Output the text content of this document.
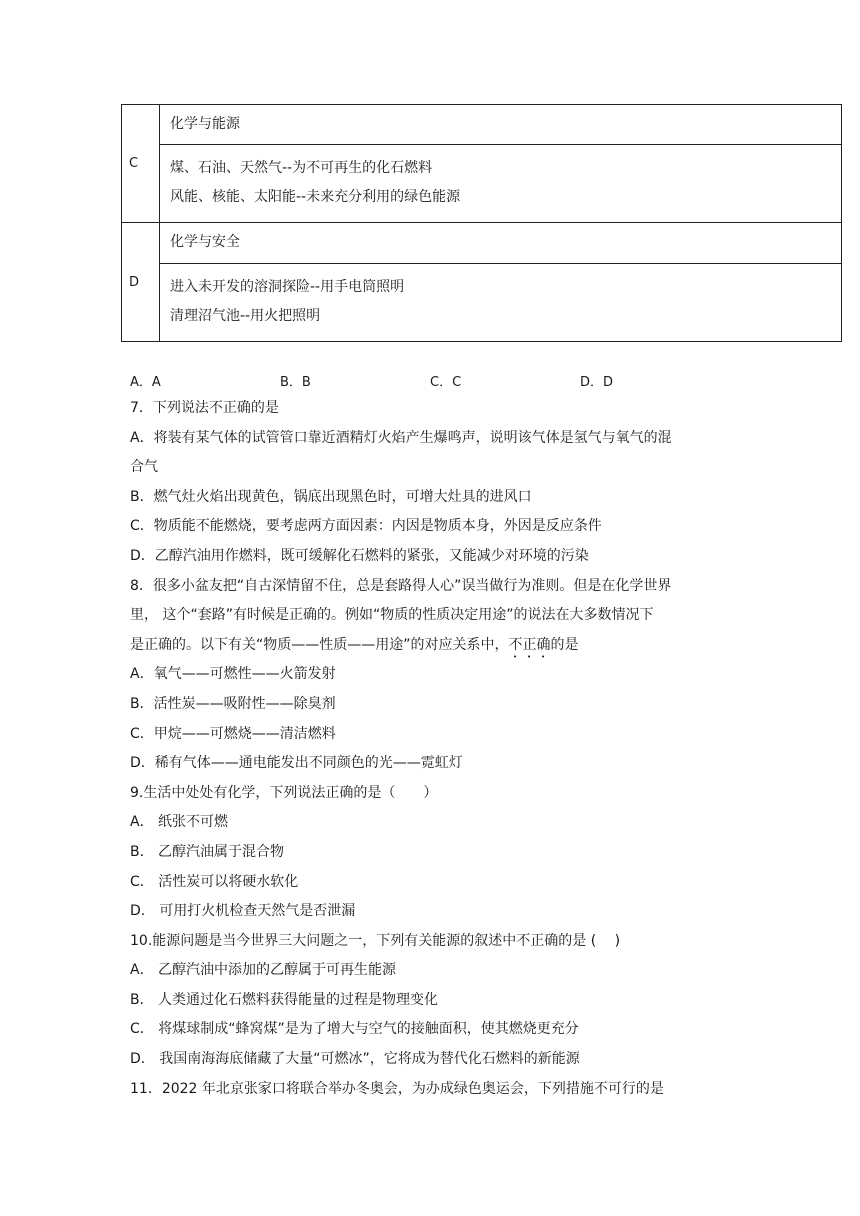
C
化学与能源
煤、石油、天然气--为不可再生的化石燃料
风能、核能、太阳能--未来充分利用的绿色能源
D
化学与安全
进入未开发的溶洞探险--用手电筒照明
清理沼气池--用火把照明
A．A	B．B	C．C	D．D
7．下列说法不正确的是
A．将装有某气体的试管管口靠近酒精灯火焰产生爆鸣声，说明该气体是氢气与氧气的混
合气
B．燃气灶火焰出现黄色，锅底出现黑色时，可增大灶具的进风口
C．物质能不能燃烧，要考虑两方面因素：内因是物质本身，外因是反应条件
D．乙醇汽油用作燃料，既可缓解化石燃料的紧张，又能减少对环境的污染
8．很多小盆友把“自古深情留不住，总是套路得人心”误当做行为准则。但是在化学世界
里， 这个“套路”有时候是正确的。例如“物质的性质决定用途”的说法在大多数情况下
是正确的。以下有关“物质——性质——用途”的对应关系中，不正确的是
A．氧气——可燃性——火箭发射
B．活性炭——吸附性——除臭剂
C．甲烷——可燃烧——清洁燃料
D．稀有气体——通电能发出不同颜色的光——霓虹灯
9.生活中处处有化学，下列说法正确的是（　　）
A． 纸张不可燃
B． 乙醇汽油属于混合物
C． 活性炭可以将硬水软化
D． 可用打火机检查天然气是否泄漏
10.能源问题是当今世界三大问题之一，下列有关能源的叙述中不正确的是 (　 )
A． 乙醇汽油中添加的乙醇属于可再生能源
B． 人类通过化石燃料获得能量的过程是物理变化
C． 将煤球制成“蜂窝煤”是为了增大与空气的接触面积，使其燃烧更充分
D． 我国南海海底储藏了大量“可燃冰”，它将成为替代化石燃料的新能源
11．2022 年北京张家口将联合举办冬奥会，为办成绿色奥运会，下列措施不可行的是
